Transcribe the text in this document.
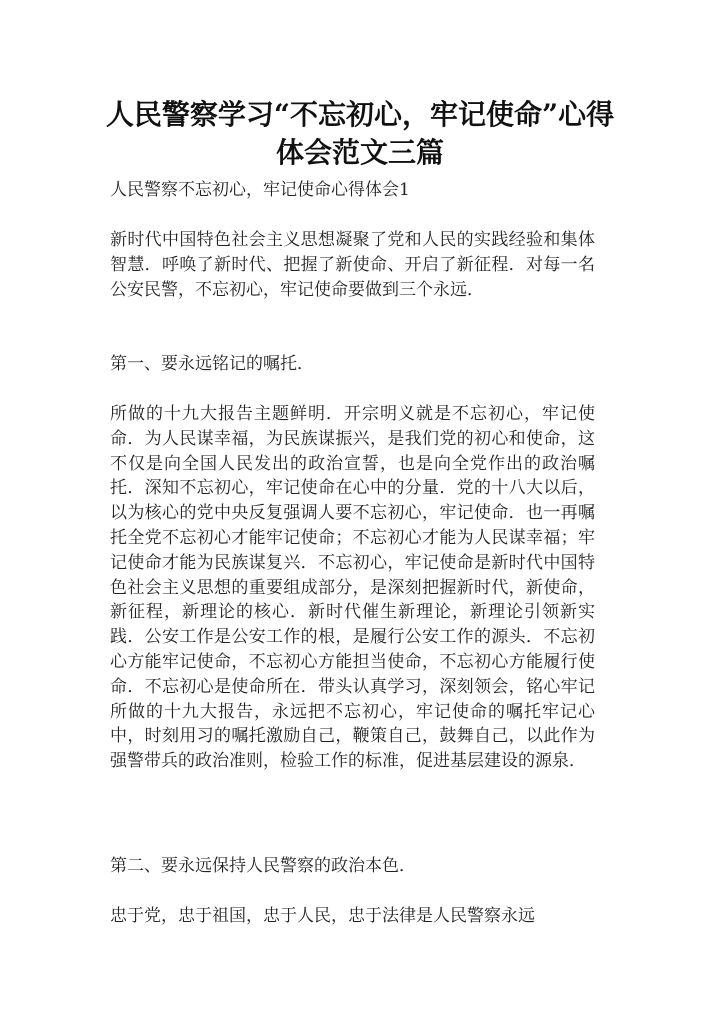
人民警察学习“不忘初心，牢记使命”心得体会范文三篇

人民警察不忘初心，牢记使命心得体会1

新时代中国特色社会主义思想凝聚了党和人民的实践经验和集体智慧．呼唤了新时代、把握了新使命、开启了新征程．对每一名公安民警，不忘初心，牢记使命要做到三个永远．

第一、要永远铭记的嘱托．

所做的十九大报告主题鲜明．开宗明义就是不忘初心，牢记使命．为人民谋幸福，为民族谋振兴，是我们党的初心和使命，这不仅是向全国人民发出的政治宣誓，也是向全党作出的政治嘱托．深知不忘初心，牢记使命在心中的分量．党的十八大以后，以为核心的党中央反复强调人要不忘初心，牢记使命．也一再嘱托全党不忘初心才能牢记使命；不忘初心才能为人民谋幸福；牢记使命才能为民族谋复兴．不忘初心，牢记使命是新时代中国特色社会主义思想的重要组成部分，是深刻把握新时代，新使命，新征程，新理论的核心．新时代催生新理论，新理论引领新实践．公安工作是公安工作的根，是履行公安工作的源头．不忘初心方能牢记使命，不忘初心方能担当使命，不忘初心方能履行使命．不忘初心是使命所在．带头认真学习，深刻领会，铭心牢记所做的十九大报告，永远把不忘初心，牢记使命的嘱托牢记心中，时刻用习的嘱托激励自己，鞭策自己，鼓舞自己，以此作为强警带兵的政治准则，检验工作的标准，促进基层建设的源泉．

第二、要永远保持人民警察的政治本色．

忠于党，忠于祖国，忠于人民，忠于法律是人民警察永远
